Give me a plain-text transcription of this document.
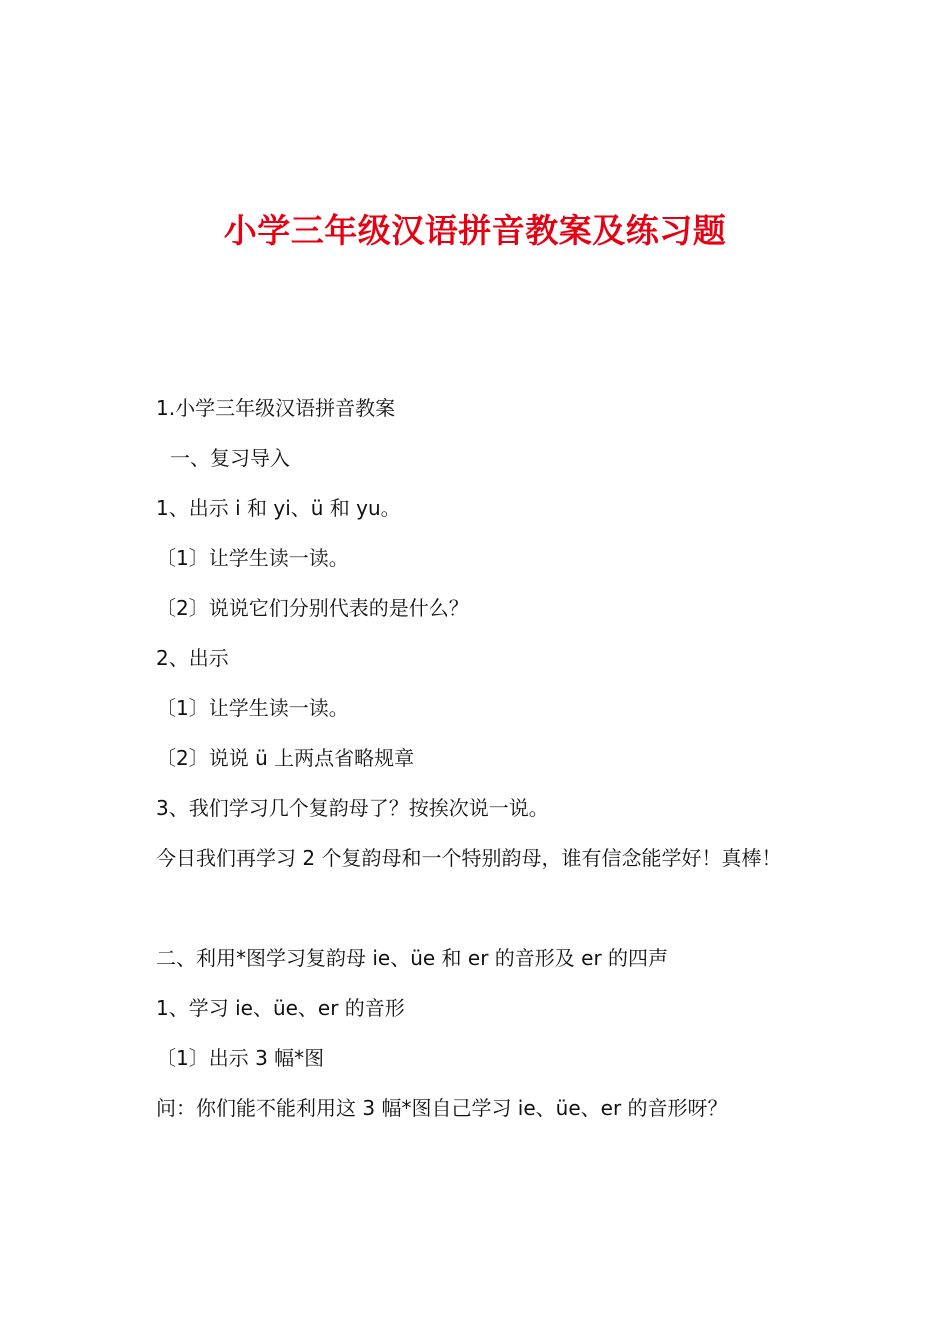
小学三年级汉语拼音教案及练习题
1.小学三年级汉语拼音教案
一、复习导入
1、出示 i 和 yi、ü 和 yu。
〔1〕让学生读一读。
〔2〕说说它们分别代表的是什么？
2、出示
〔1〕让学生读一读。
〔2〕说说 ü 上两点省略规章
3、我们学习几个复韵母了？按挨次说一说。
今日我们再学习 2 个复韵母和一个特别韵母，谁有信念能学好！真棒！
二、利用*图学习复韵母 ie、üe 和 er 的音形及 er 的四声
1、学习 ie、üe、er 的音形
〔1〕出示 3 幅*图
问：你们能不能利用这 3 幅*图自己学习 ie、üe、er 的音形呀？
